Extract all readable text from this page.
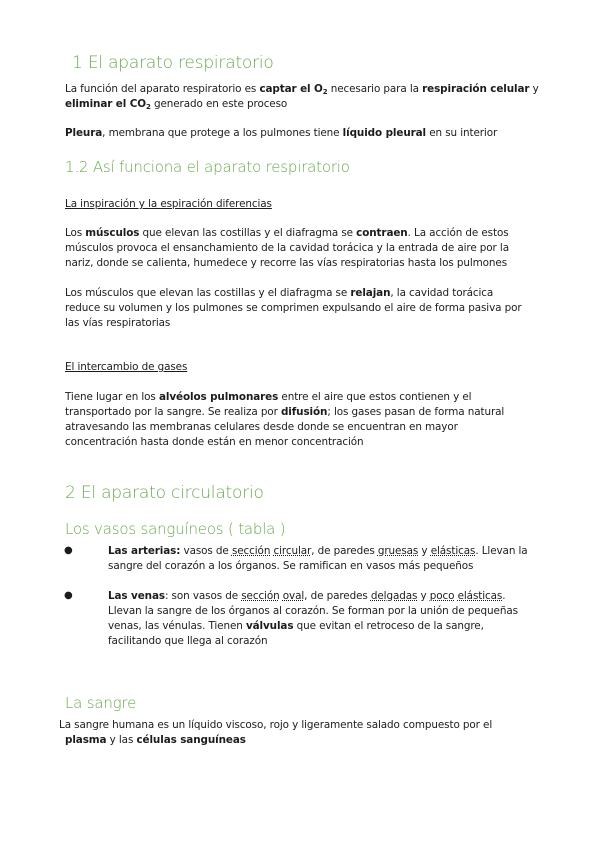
1 El aparato respiratorio
La función del aparato respiratorio es captar el $O_2$ necesario para la respiración celular y
eliminar el $CO_2$ generado en este proceso
Pleura, membrana que protege a los pulmones tiene líquido pleural en su interior
1.2 Así funciona el aparato respiratorio
La inspiración y la espiración diferencias
Los músculos que elevan las costillas y el diafragma se contraen. La acción de estos
músculos provoca el ensanchamiento de la cavidad torácica y la entrada de aire por la
nariz, donde se calienta, humedece y recorre las vías respiratorias hasta los pulmones
Los músculos que elevan las costillas y el diafragma se relajan, la cavidad torácica
reduce su volumen y los pulmones se comprimen expulsando el aire de forma pasiva por
las vías respiratorias
El intercambio de gases
Tiene lugar en los alvéolos pulmonares entre el aire que estos contienen y el
transportado por la sangre. Se realiza por difusión; los gases pasan de forma natural
atravesando las membranas celulares desde donde se encuentran en mayor
concentración hasta donde están en menor concentración
2 El aparato circulatorio
Los vasos sanguíneos ( tabla )
●	Las arterias: vasos de sección circular, de paredes gruesas y elásticas. Llevan la
sangre del corazón a los órganos. Se ramifican en vasos más pequeños
●	Las venas: son vasos de sección oval, de paredes delgadas y poco elásticas.
Llevan la sangre de los órganos al corazón. Se forman por la unión de pequeñas
venas, las vénulas. Tienen válvulas que evitan el retroceso de la sangre,
facilitando que llega al corazón
La sangre
La sangre humana es un líquido viscoso, rojo y ligeramente salado compuesto por el
plasma y las células sanguíneas
